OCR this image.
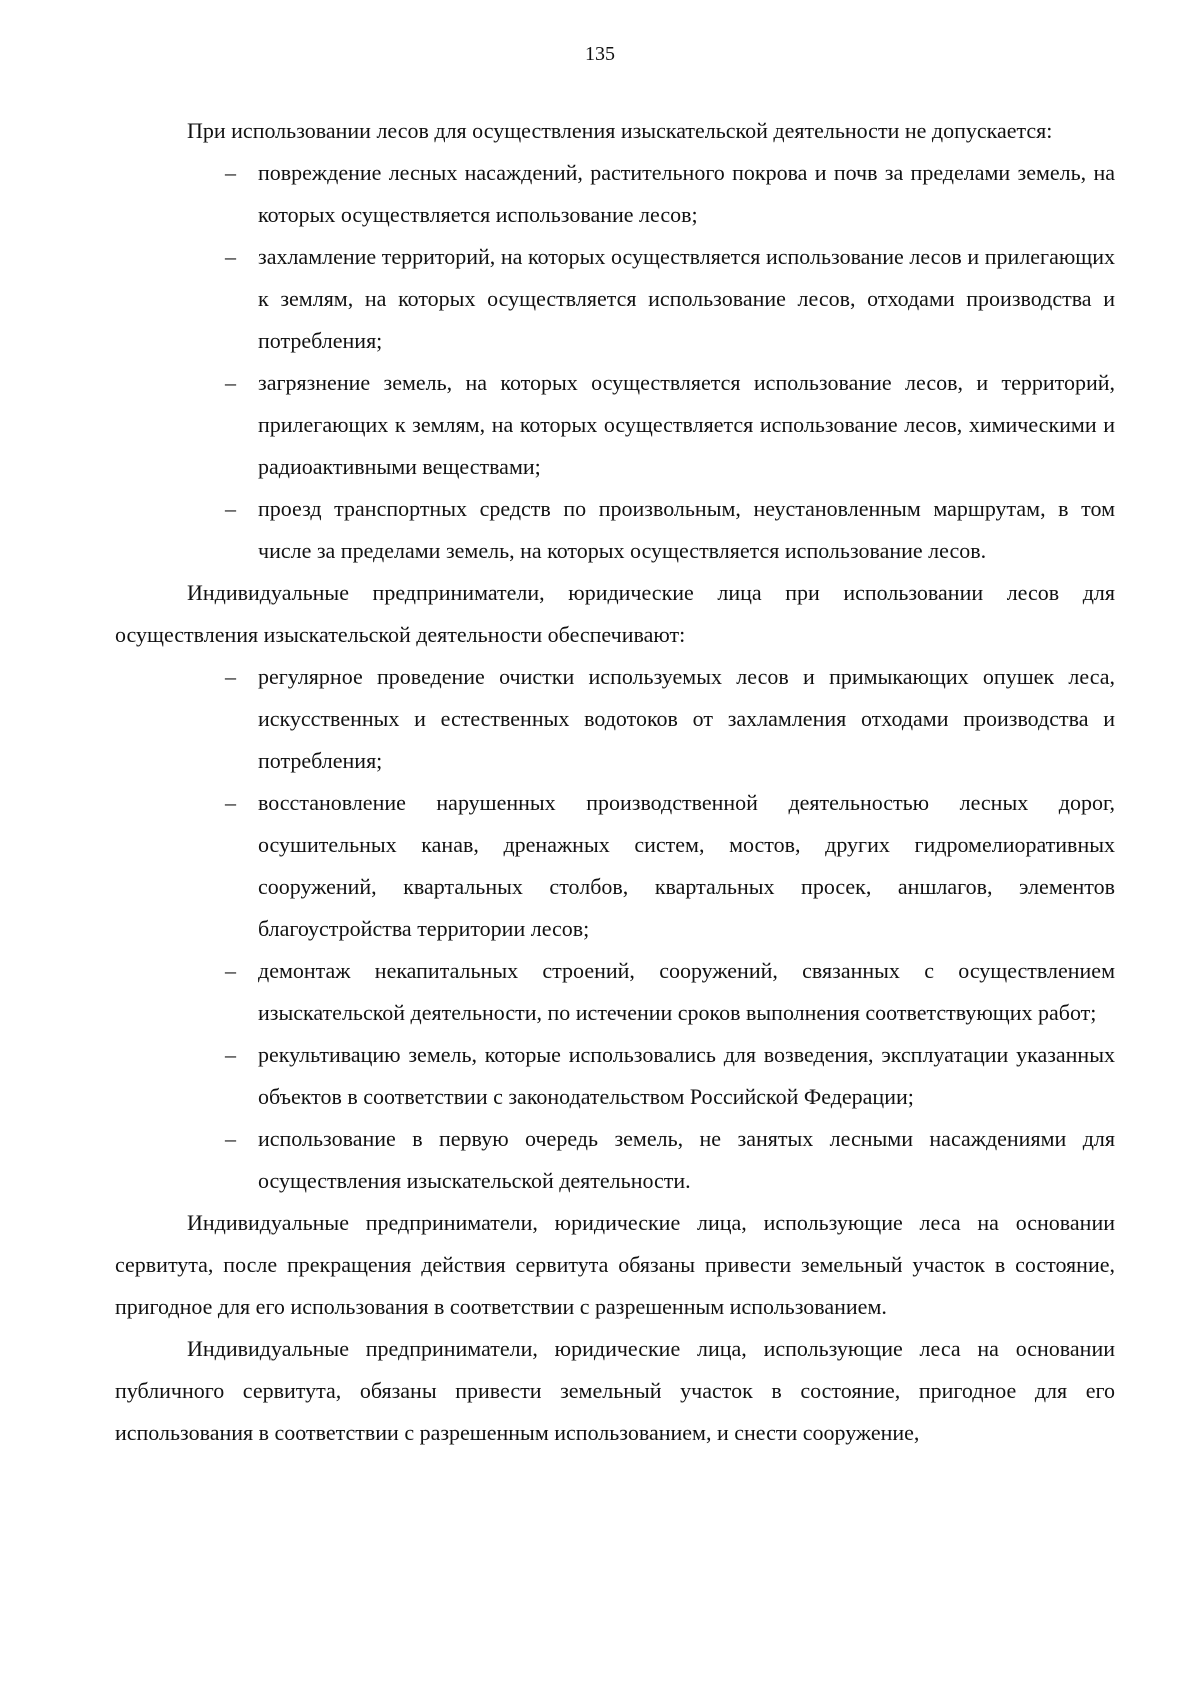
135

При использовании лесов для осуществления изыскательской деятельности не допускается:

–	повреждение лесных насаждений, растительного покрова и почв за пределами земель, на которых осуществляется использование лесов;
–	захламление территорий, на которых осуществляется использование лесов и прилегающих к землям, на которых осуществляется использование лесов, отходами производства и потребления;
–	загрязнение земель, на которых осуществляется использование лесов, и территорий, прилегающих к землям, на которых осуществляется использование лесов, химическими и радиоактивными веществами;
–	проезд транспортных средств по произвольным, неустановленным маршрутам, в том числе за пределами земель, на которых осуществляется использование лесов.

Индивидуальные предприниматели, юридические лица при использовании лесов для осуществления изыскательской деятельности обеспечивают:

–	регулярное проведение очистки используемых лесов и примыкающих опушек леса, искусственных и естественных водотоков от захламления отходами производства и потребления;
–	восстановление нарушенных производственной деятельностью лесных дорог, осушительных канав, дренажных систем, мостов, других гидромелиоративных сооружений, квартальных столбов, квартальных просек, аншлагов, элементов благоустройства территории лесов;
–	демонтаж некапитальных строений, сооружений, связанных с осуществлением изыскательской деятельности, по истечении сроков выполнения соответствующих работ;
–	рекультивацию земель, которые использовались для возведения, эксплуатации указанных объектов в соответствии с законодательством Российской Федерации;
–	использование в первую очередь земель, не занятых лесными насаждениями для осуществления изыскательской деятельности.

Индивидуальные предприниматели, юридические лица, использующие леса на основании сервитута, после прекращения действия сервитута обязаны привести земельный участок в состояние, пригодное для его использования в соответствии с разрешенным использованием.

Индивидуальные предприниматели, юридические лица, использующие леса на основании публичного сервитута, обязаны привести земельный участок в состояние, пригодное для его использования в соответствии с разрешенным использованием, и снести сооружение,
